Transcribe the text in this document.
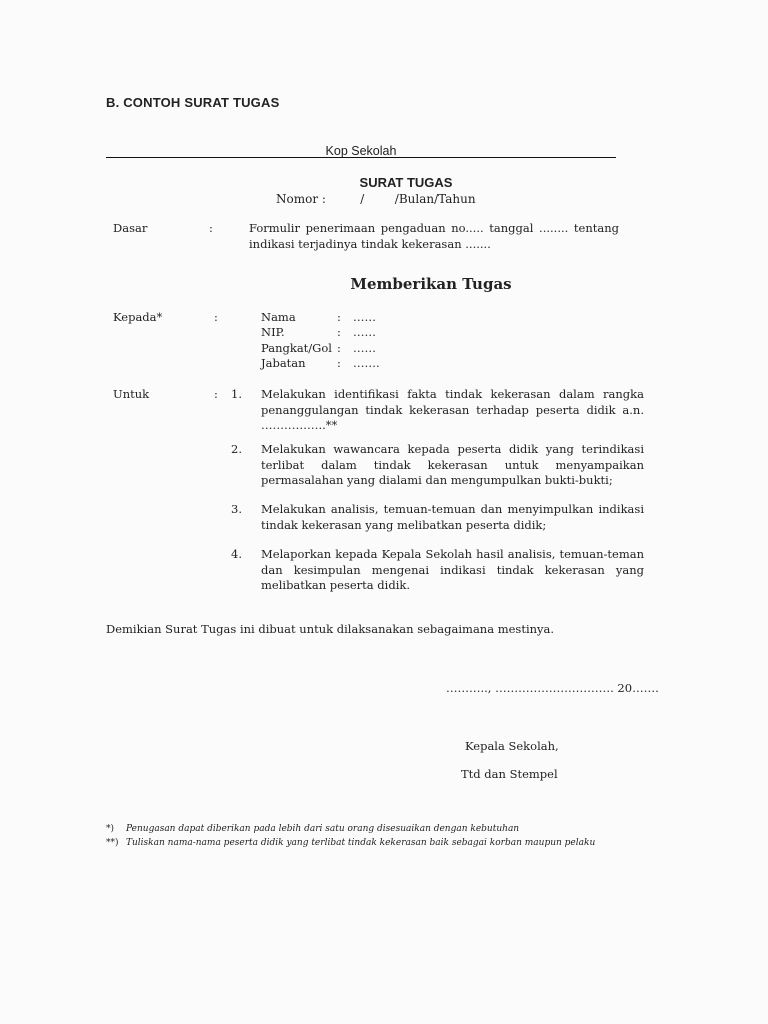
B. CONTOH SURAT TUGAS
Kop Sekolah
SURAT TUGAS
Nomor :         /        /Bulan/Tahun
Dasar	:	Formulir penerimaan pengaduan no..... tanggal ........ tentang indikasi terjadinya tindak kekerasan .......
Memberikan Tugas
Kepada*	:	Nama	: ……
NIP.	: ……
Pangkat/Gol : ……
Jabatan	: …….
Untuk	: 1. Melakukan identifikasi fakta tindak kekerasan dalam rangka penanggulangan tindak kekerasan terhadap peserta didik a.n. ……………..**
2. Melakukan wawancara kepada peserta didik yang terindikasi terlibat dalam tindak kekerasan untuk menyampaikan permasalahan yang dialami dan mengumpulkan bukti-bukti;
3. Melakukan analisis, temuan-temuan dan menyimpulkan indikasi tindak kekerasan yang melibatkan peserta didik;
4. Melaporkan kepada Kepala Sekolah hasil analisis, temuan-teman dan kesimpulan mengenai indikasi tindak kekerasan yang melibatkan peserta didik.
Demikian Surat Tugas ini dibuat untuk dilaksanakan sebagaimana mestinya.
……….., …………………………. 20…….
Kepala Sekolah,
Ttd dan Stempel
*) Penugasan dapat diberikan pada lebih dari satu orang disesuaikan dengan kebutuhan
**) Tuliskan nama-nama peserta didik yang terlibat tindak kekerasan baik sebagai korban maupun pelaku
